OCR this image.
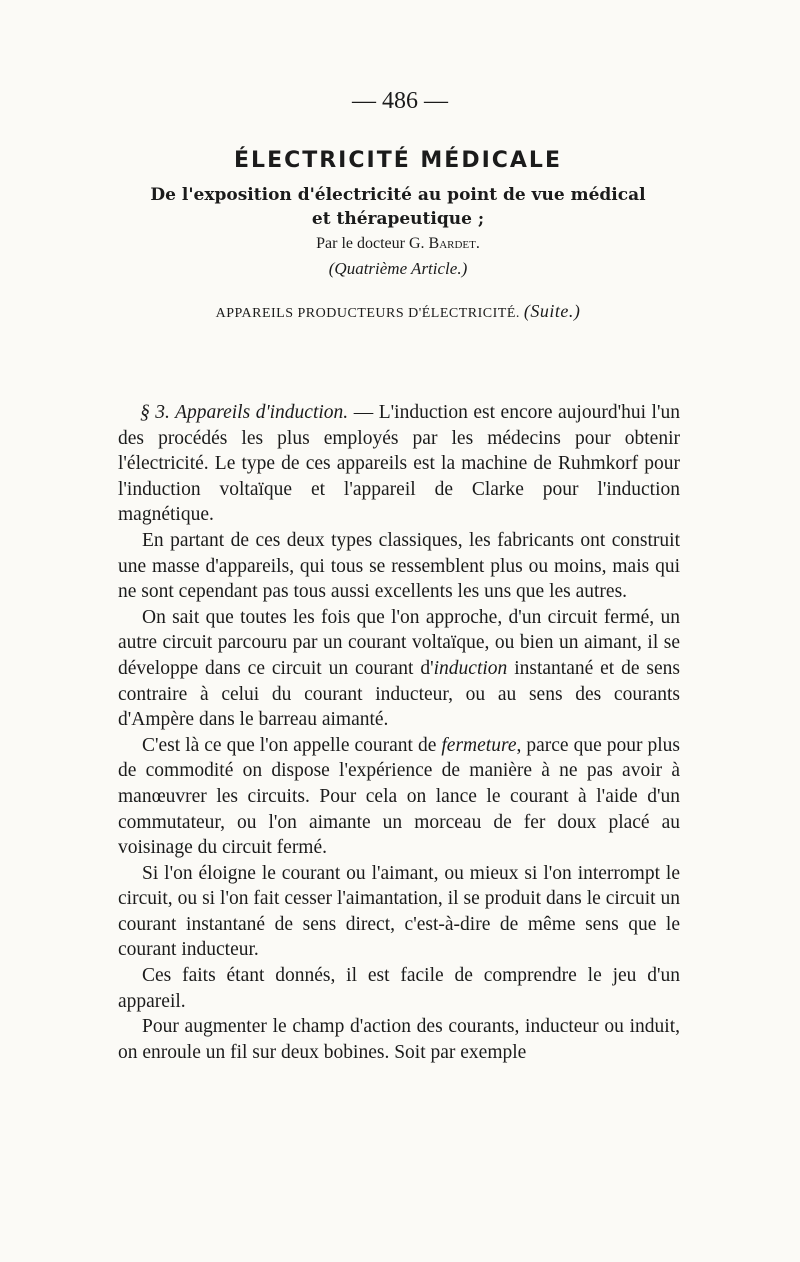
— 486 —
ÉLECTRICITÉ MÉDICALE
De l'exposition d'électricité au point de vue médical
et thérapeutique ;
Par le docteur G. Bardet.
(Quatrième Article.)
APPAREILS PRODUCTEURS D'ÉLECTRICITÉ. (Suite.)

§ 3. Appareils d'induction. — L'induction est encore aujourd'hui l'un des procédés les plus employés par les médecins pour obtenir l'électricité. Le type de ces appareils est la machine de Ruhmkorf pour l'induction voltaïque et l'appareil de Clarke pour l'induction magnétique.

En partant de ces deux types classiques, les fabricants ont construit une masse d'appareils, qui tous se ressemblent plus ou moins, mais qui ne sont cependant pas tous aussi excellents les uns que les autres.

On sait que toutes les fois que l'on approche, d'un circuit fermé, un autre circuit parcouru par un courant voltaïque, ou bien un aimant, il se développe dans ce circuit un courant d'induction instantané et de sens contraire à celui du courant inducteur, ou au sens des courants d'Ampère dans le barreau aimanté.

C'est là ce que l'on appelle courant de fermeture, parce que pour plus de commodité on dispose l'expérience de manière à ne pas avoir à manœuvrer les circuits. Pour cela on lance le courant à l'aide d'un commutateur, ou l'on aimante un morceau de fer doux placé au voisinage du circuit fermé.

Si l'on éloigne le courant ou l'aimant, ou mieux si l'on interrompt le circuit, ou si l'on fait cesser l'aimantation, il se produit dans le circuit un courant instantané de sens direct, c'est-à-dire de même sens que le courant inducteur.

Ces faits étant donnés, il est facile de comprendre le jeu d'un appareil.

Pour augmenter le champ d'action des courants, inducteur ou induit, on enroule un fil sur deux bobines. Soit par exemple
